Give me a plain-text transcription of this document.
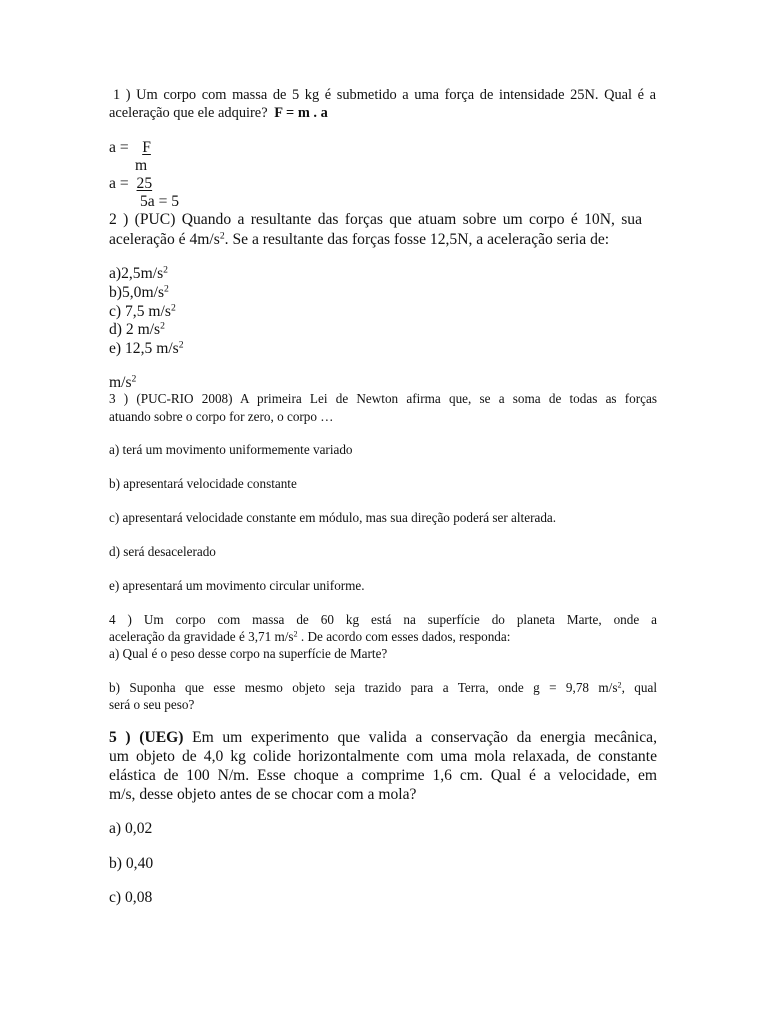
1 ) Um corpo com massa de 5 kg é submetido a uma força de intensidade 25N. Qual é a
aceleração que ele adquire? F = m . a
a = F
m
a = 25
5a = 5
2 ) (PUC) Quando a resultante das forças que atuam sobre um corpo é 10N, sua
aceleração é $4m/s^2$. Se a resultante das forças fosse 12,5N, a aceleração seria de:
$a)2,5m/s^2$
$b)5,0m/s^2$
c) 7,5 $m/s^2$
d) 2 $m/s^2$
e) 12,5 $m/s^2$
$m/s^2$
3 ) (PUC-RIO 2008) A primeira Lei de Newton afirma que, se a soma de todas as forças
atuando sobre o corpo for zero, o corpo …
a) terá um movimento uniformemente variado
b) apresentará velocidade constante
c) apresentará velocidade constante em módulo, mas sua direção poderá ser alterada.
d) será desacelerado
e) apresentará um movimento circular uniforme.
4 ) Um corpo com massa de 60 kg está na superfície do planeta Marte, onde a
aceleração da gravidade é 3,71 $m/s^2$ . De acordo com esses dados, responda:
a) Qual é o peso desse corpo na superfície de Marte?
b) Suponha que esse mesmo objeto seja trazido para a Terra, onde g = 9,78 $m/s^2$, qual
será o seu peso?
5 ) (UEG) Em um experimento que valida a conservação da energia mecânica,
um objeto de 4,0 kg colide horizontalmente com uma mola relaxada, de constante
elástica de 100 N/m. Esse choque a comprime 1,6 cm. Qual é a velocidade, em
m/s, desse objeto antes de se chocar com a mola?
a) 0,02
b) 0,40
c) 0,08
